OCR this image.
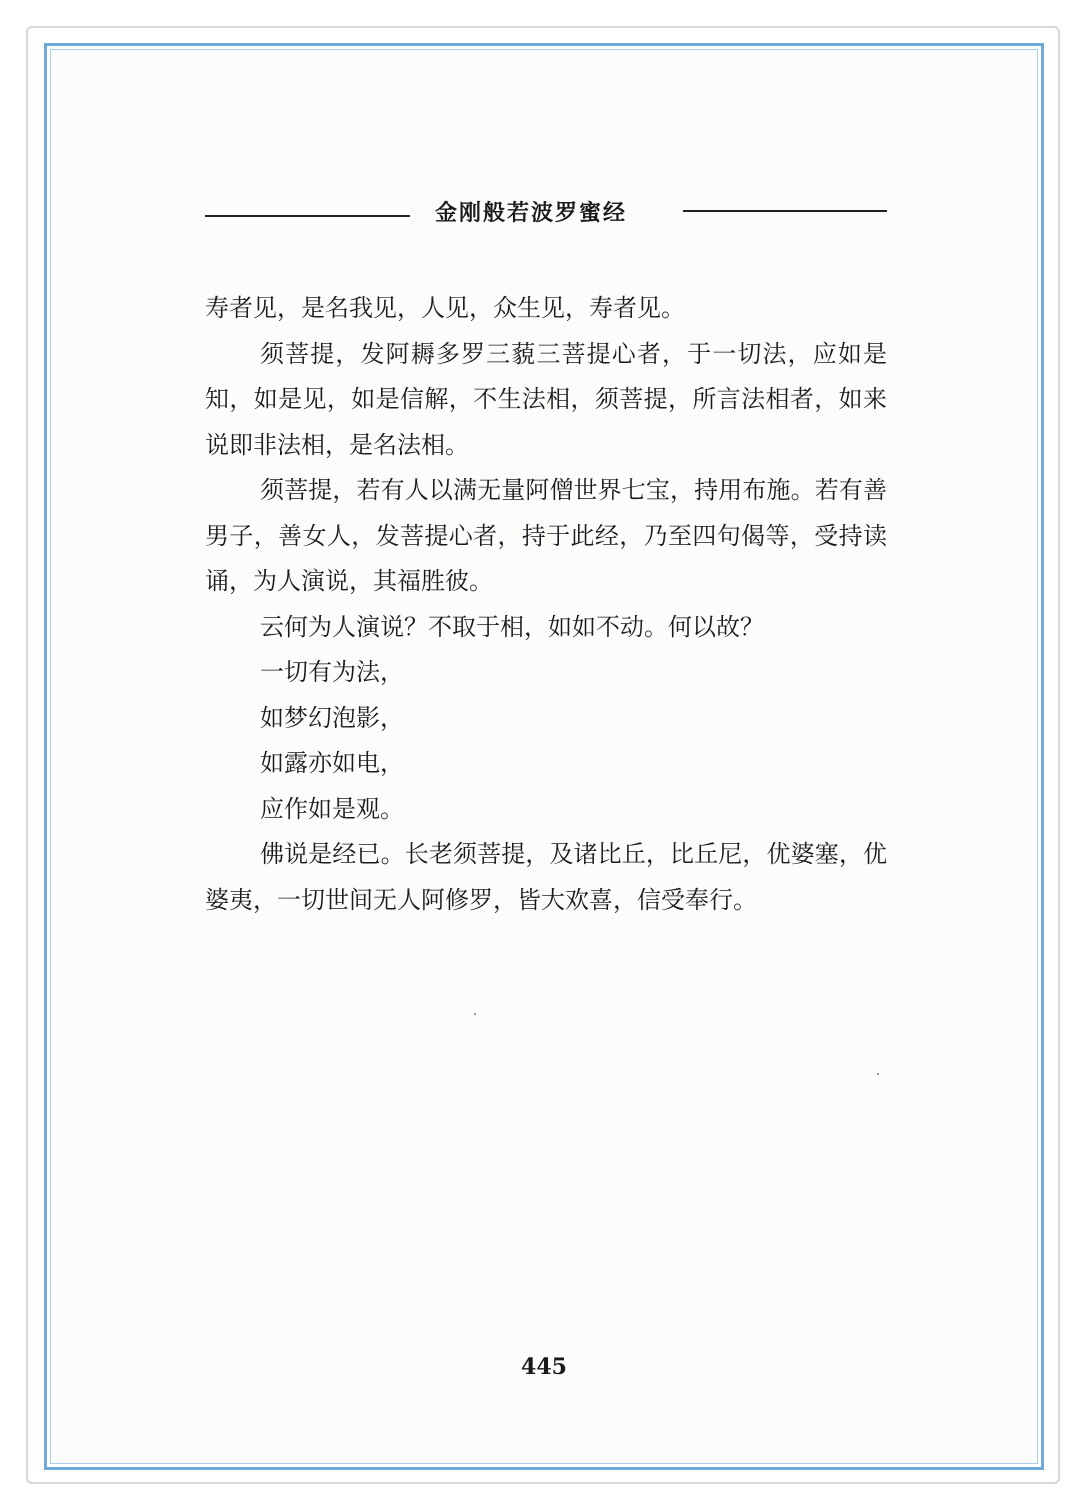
金刚般若波罗蜜经

寿者见，是名我见，人见，众生见，寿者见。

须菩提，发阿耨多罗三藐三菩提心者，于一切法，应如是知，如是见，如是信解，不生法相，须菩提，所言法相者，如来说即非法相，是名法相。

须菩提，若有人以满无量阿僧世界七宝，持用布施。若有善男子，善女人，发菩提心者，持于此经，乃至四句偈等，受持读诵，为人演说，其福胜彼。

云何为人演说？不取于相，如如不动。何以故？

一切有为法，

如梦幻泡影，

如露亦如电，

应作如是观。

佛说是经已。长老须菩提，及诸比丘，比丘尼，优婆塞，优婆夷，一切世间无人阿修罗，皆大欢喜，信受奉行。

445
